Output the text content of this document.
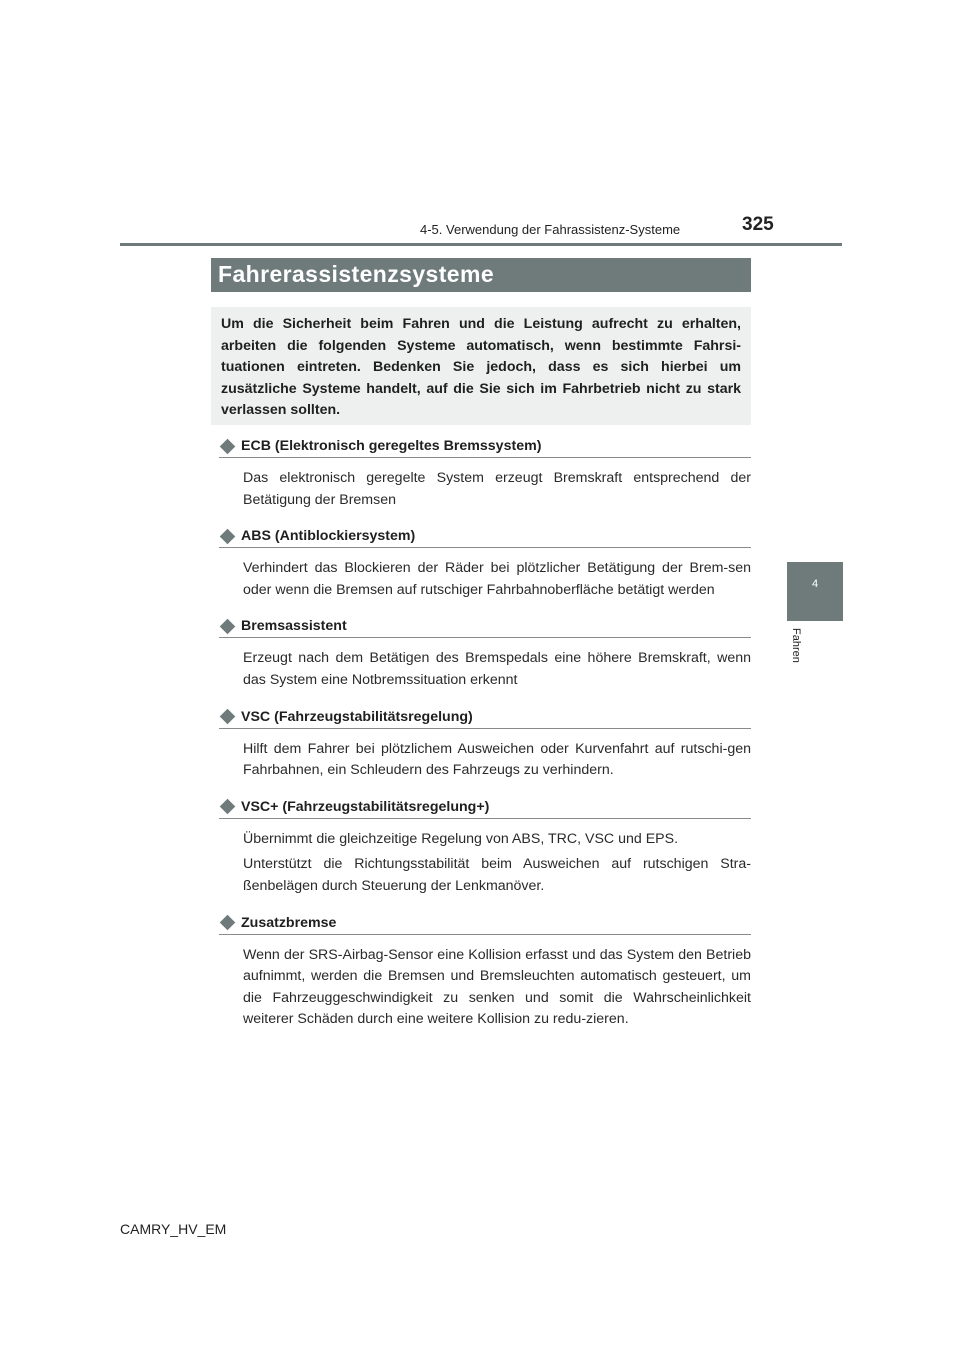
4-5. Verwendung der Fahrassistenz-Systeme	325
4
Fahren
Fahrerassistenzsysteme

Um die Sicherheit beim Fahren und die Leistung aufrecht zu erhalten, arbeiten die folgenden Systeme automatisch, wenn bestimmte Fahrsi-tuationen eintreten. Bedenken Sie jedoch, dass es sich hierbei um zusätzliche Systeme handelt, auf die Sie sich im Fahrbetrieb nicht zu stark verlassen sollten.

ECB (Elektronisch geregeltes Bremssystem)

Das elektronisch geregelte System erzeugt Bremskraft entsprechend der Betätigung der Bremsen

ABS (Antiblockiersystem)

Verhindert das Blockieren der Räder bei plötzlicher Betätigung der Brem-sen oder wenn die Bremsen auf rutschiger Fahrbahnoberfläche betätigt werden

Bremsassistent

Erzeugt nach dem Betätigen des Bremspedals eine höhere Bremskraft, wenn das System eine Notbremssituation erkennt

VSC (Fahrzeugstabilitätsregelung)

Hilft dem Fahrer bei plötzlichem Ausweichen oder Kurvenfahrt auf rutschi-gen Fahrbahnen, ein Schleudern des Fahrzeugs zu verhindern.

VSC+ (Fahrzeugstabilitätsregelung+)

Übernimmt die gleichzeitige Regelung von ABS, TRC, VSC und EPS.

Unterstützt die Richtungsstabilität beim Ausweichen auf rutschigen Stra-ßenbelägen durch Steuerung der Lenkmanöver.

Zusatzbremse

Wenn der SRS-Airbag-Sensor eine Kollision erfasst und das System den Betrieb aufnimmt, werden die Bremsen und Bremsleuchten automatisch gesteuert, um die Fahrzeuggeschwindigkeit zu senken und somit die Wahrscheinlichkeit weiterer Schäden durch eine weitere Kollision zu redu-zieren.

CAMRY_HV_EM
